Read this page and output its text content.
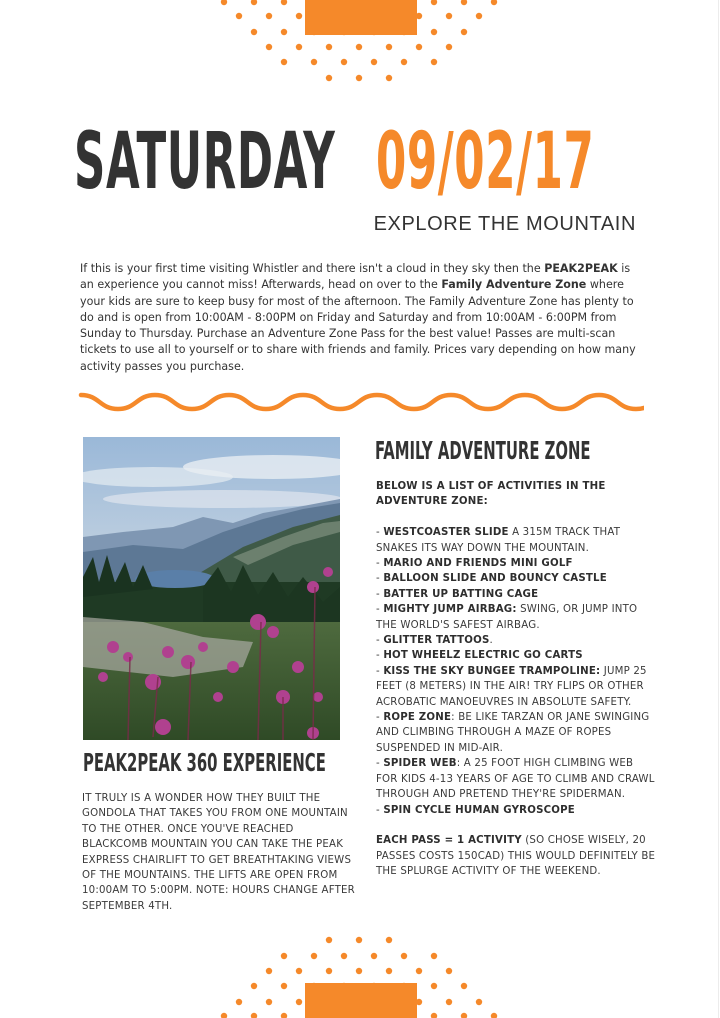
SATURDAY 09/02/17
EXPLORE THE MOUNTAIN

If this is your first time visiting Whistler and there isn't a cloud in they sky then the PEAK2PEAK is an experience you cannot miss! Afterwards, head on over to the Family Adventure Zone where your kids are sure to keep busy for most of the afternoon. The Family Adventure Zone has plenty to do and is open from 10:00AM - 8:00PM on Friday and Saturday and from 10:00AM - 6:00PM from Sunday to Thursday. Purchase an Adventure Zone Pass for the best value! Passes are multi-scan tickets to use all to yourself or to share with friends and family. Prices vary depending on how many activity passes you purchase.

PEAK2PEAK 360 EXPERIENCE

IT TRULY IS A WONDER HOW THEY BUILT THE GONDOLA THAT TAKES YOU FROM ONE MOUNTAIN TO THE OTHER. ONCE YOU'VE REACHED BLACKCOMB MOUNTAIN YOU CAN TAKE THE PEAK EXPRESS CHAIRLIFT TO GET BREATHTAKING VIEWS OF THE MOUNTAINS. THE LIFTS ARE OPEN FROM 10:00AM TO 5:00PM. NOTE: HOURS CHANGE AFTER SEPTEMBER 4TH.

FAMILY ADVENTURE ZONE

BELOW IS A LIST OF ACTIVITIES IN THE ADVENTURE ZONE:

- WESTCOASTER SLIDE A 315M TRACK THAT SNAKES ITS WAY DOWN THE MOUNTAIN.

- MARIO AND FRIENDS MINI GOLF

- BALLOON SLIDE AND BOUNCY CASTLE

- BATTER UP BATTING CAGE

- MIGHTY JUMP AIRBAG: SWING, OR JUMP INTO THE WORLD'S SAFEST AIRBAG.

- GLITTER TATTOOS.

- HOT WHEELZ ELECTRIC GO CARTS

- KISS THE SKY BUNGEE TRAMPOLINE: JUMP 25 FEET (8 METERS) IN THE AIR! TRY FLIPS OR OTHER ACROBATIC MANOEUVRES IN ABSOLUTE SAFETY.

- ROPE ZONE: BE LIKE TARZAN OR JANE SWINGING AND CLIMBING THROUGH A MAZE OF ROPES SUSPENDED IN MID-AIR.

- SPIDER WEB: A 25 FOOT HIGH CLIMBING WEB FOR KIDS 4-13 YEARS OF AGE TO CLIMB AND CRAWL THROUGH AND PRETEND THEY'RE SPIDERMAN.

- SPIN CYCLE HUMAN GYROSCOPE

EACH PASS = 1 ACTIVITY (SO CHOSE WISELY, 20 PASSES COSTS 150CAD) THIS WOULD DEFINITELY BE THE SPLURGE ACTIVITY OF THE WEEKEND.
